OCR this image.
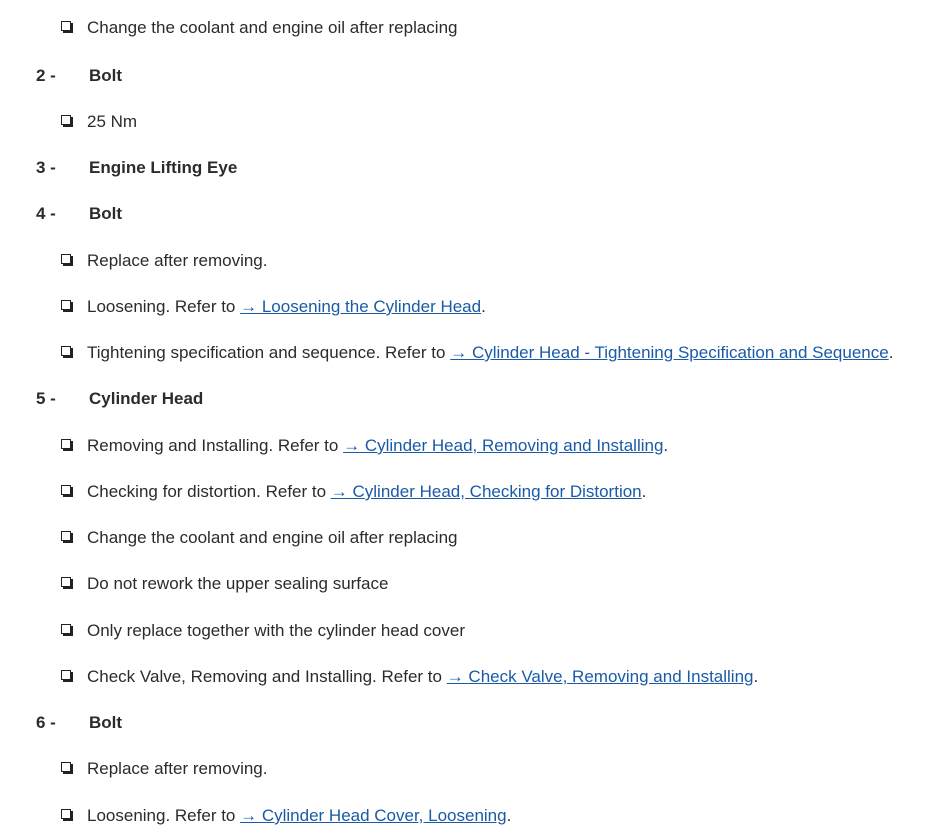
Change the coolant and engine oil after replacing
2 - Bolt
25 Nm
3 - Engine Lifting Eye
4 - Bolt
Replace after removing.
Loosening. Refer to → Loosening the Cylinder Head.
Tightening specification and sequence. Refer to → Cylinder Head - Tightening Specification and Sequence.
5 - Cylinder Head
Removing and Installing. Refer to → Cylinder Head, Removing and Installing.
Checking for distortion. Refer to → Cylinder Head, Checking for Distortion.
Change the coolant and engine oil after replacing
Do not rework the upper sealing surface
Only replace together with the cylinder head cover
Check Valve, Removing and Installing. Refer to → Check Valve, Removing and Installing.
6 - Bolt
Replace after removing.
Loosening. Refer to → Cylinder Head Cover, Loosening.
